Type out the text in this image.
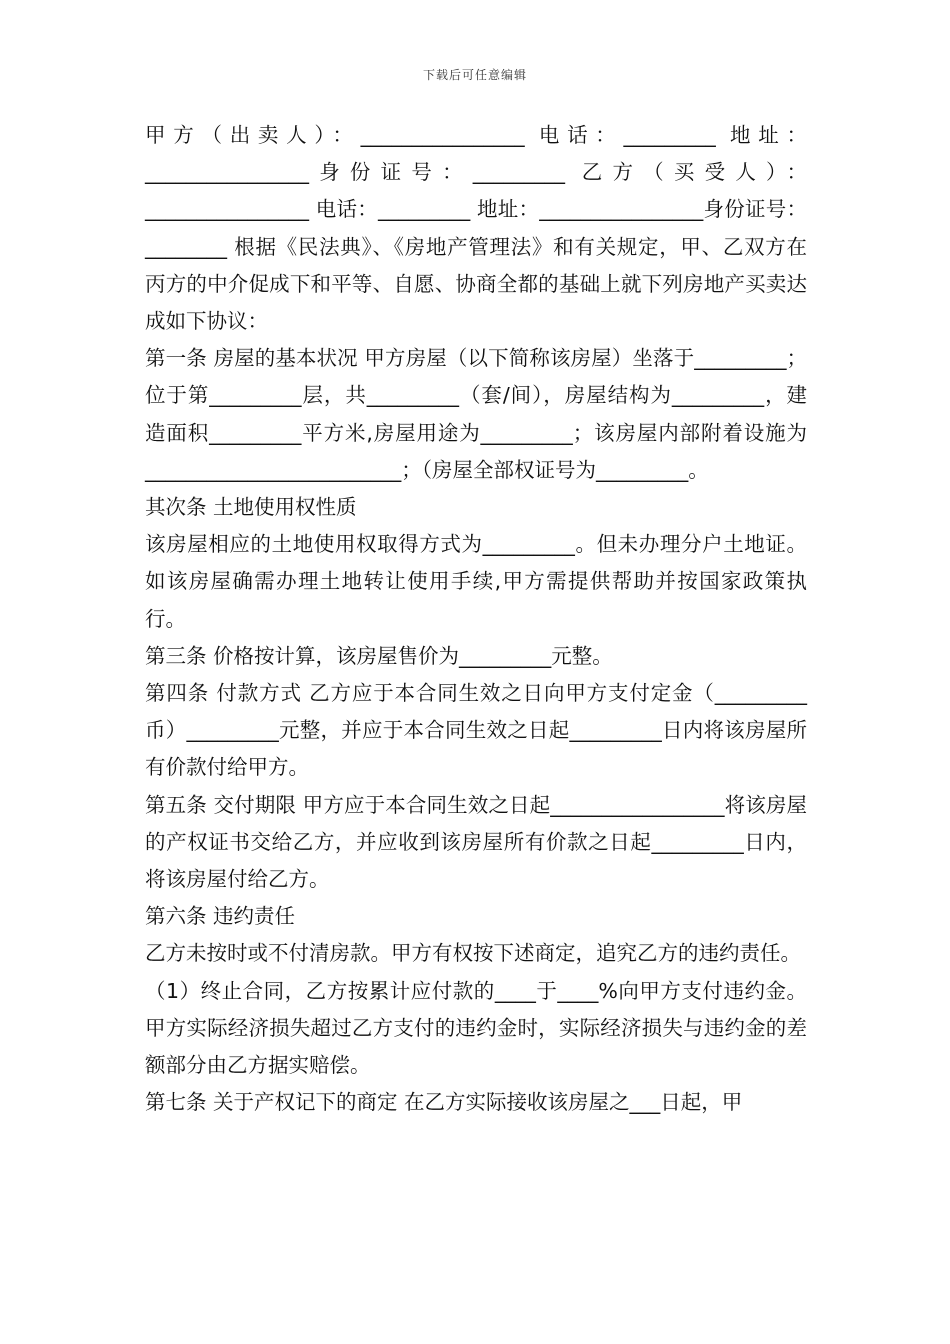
下载后可任意编辑

甲方（出卖人）：________________ 电话：_________ 地址：________________身份证号：_________ 乙方（买受人）：________________ 电话：_________ 地址：________________身份证号：________ 根据《民法典》、《房地产管理法》和有关规定，甲、乙双方在丙方的中介促成下和平等、自愿、协商全都的基础上就下列房地产买卖达成如下协议：

第一条 房屋的基本状况 甲方房屋（以下简称该房屋）坐落于_________；位于第_________层，共_________（套/间），房屋结构为_________，建造面积_________平方米,房屋用途为_________；该房屋内部附着设施为_________________________；（房屋全部权证号为_________。

其次条 土地使用权性质

该房屋相应的土地使用权取得方式为_________。但未办理分户土地证。如该房屋确需办理土地转让使用手续,甲方需提供帮助并按国家政策执行。

第三条 价格按计算，该房屋售价为_________元整。

第四条 付款方式 乙方应于本合同生效之日向甲方支付定金（_________币）_________元整，并应于本合同生效之日起_________日内将该房屋所有价款付给甲方。

第五条 交付期限 甲方应于本合同生效之日起_________________将该房屋的产权证书交给乙方，并应收到该房屋所有价款之日起_________日内，将该房屋付给乙方。

第六条 违约责任

乙方未按时或不付清房款。甲方有权按下述商定，追究乙方的违约责任。

（1）终止合同，乙方按累计应付款的____于____%向甲方支付违约金。甲方实际经济损失超过乙方支付的违约金时，实际经济损失与违约金的差额部分由乙方据实赔偿。

第七条 关于产权记下的商定 在乙方实际接收该房屋之___日起，甲
